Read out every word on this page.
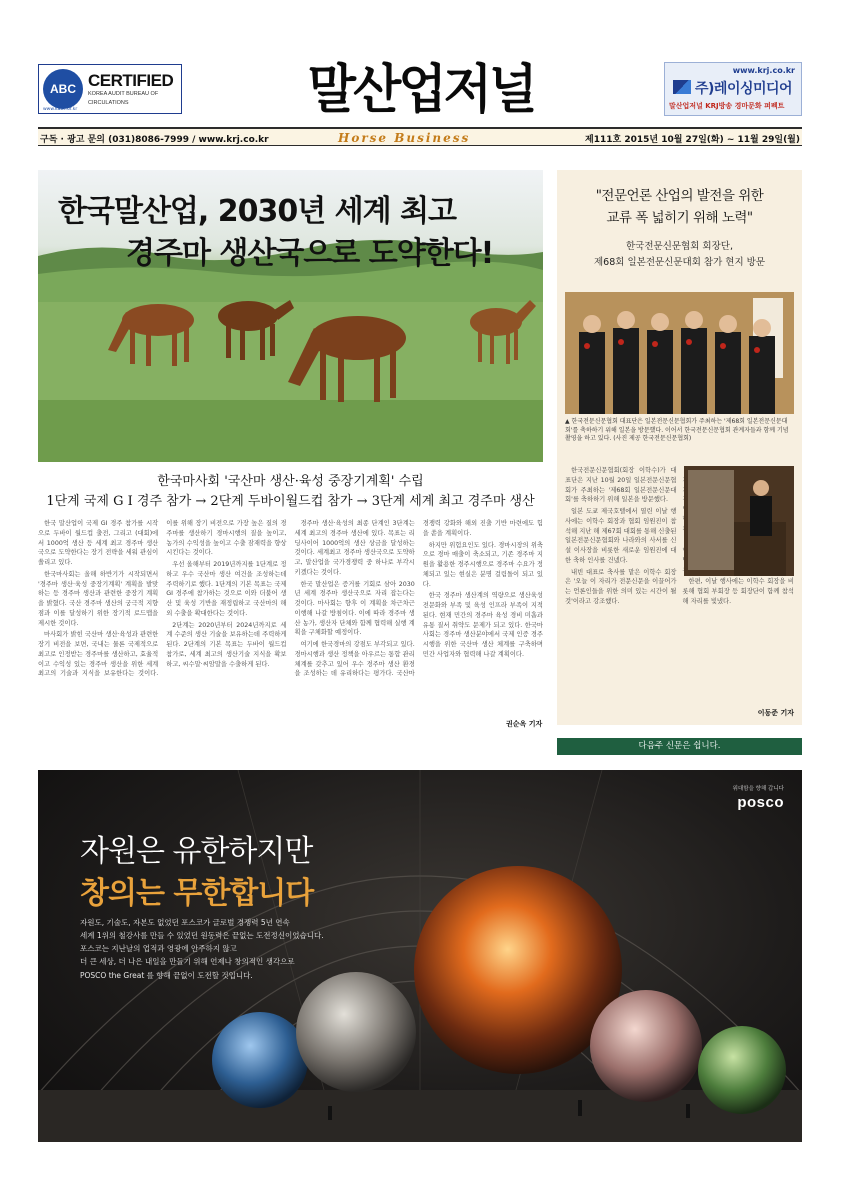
ABC CERTIFIED
KOREA AUDIT BUREAU OF
CIRCULATIONS
www.kabc.or.kr	말산업저널	www.krj.co.kr
주)레이싱미디어
말산업저널 KRJ방송 경마문화 퍼펙트
구독 · 광고 문의 (031)8086-7999 / www.krj.co.kr	Horse Business	제111호 2015년 10월 27일(화) ~ 11월 29일(월)
한국말산업, 2030년 세계 최고
경주마 생산국으로 도약한다!
한국마사회 '국산마 생산·육성 중장기계획' 수립
1단계 국제 G I 경주 참가 → 2단계 두바이월드컵 참가 → 3단계 세계 최고 경주마 생산

한국 말산업이 국제 GI 경주 참가를 시작으로 두바이 월드컵 출전, 그리고 (대회)에서 1000억 생산 등 세계 최고 경주마 생산국으로 도약한다는 장기 전략을 세워 관심이 쏠리고 있다.

한국마사회는 올해 하반기가 시작되면서 '경주마 생산·육성 중장기계획' 계획을 발맞하는 등 경주마 생산과 관련한 중장기 계획을 밝혔다. 국산 경주마 생산의 궁극적 지향점과 이를 달성하기 위한 장기적 로드맵을 제시한 것이다.

마사회가 밝힌 국산마 생산·육성과 관련한 장기 비전을 보면, 국내는 물론 국제적으로 최고로 인정받는 경주마를 생산하고, 효율적이고 수익성 있는 경주마 생산을 위한 세계 최고의 기술과 지식을 보유한다는 것이다. 이를 위해 장기 비전으로 가장 높은 질의 경주마를 생산하기 경마시행의 질을 높이고, 농가의 수익성을 높이고 수출 잠재력을 향상시킨다는 것이다.

우선 올해부터 2019년까지를 1단계로 정하고 우수 국산마 생산 여건을 조성하는데 주력하기로 했다. 1단계의 기본 목표는 국제 GI 경주에 참가하는 것으로 이와 더불어 생산 및 육성 기반을 재정립하고 국산마의 해외 수출을 확대한다는 것이다.

2단계는 2020년부터 2024년까지로 세계 수준의 생산 기술을 보유하는데 주력하게 된다. 2단계의 기본 목표는 두바이 월드컵 참가로, 세계 최고의 생산기술 지식을 확보하고, 씨수말·씨암말을 수출하게 된다.

경주마 생산·육성의 최종 단계인 3단계는 세계 최고의 경주마 생산에 있다. 목표는 리딩사이어 1000억의 생산 상금을 달성하는 것이다. 세계최고 경주마 생산국으로 도약하고, 말산업을 국가경쟁력 중 하나로 부각시키겠다는 것이다.

한국 말산업은 증거를 기회로 삼아 2030년 세계 경주마 생산국으로 자리 잡는다는 것이다. 마사회는 향후 이 계획을 차근차근 이행해 나갈 방침이다. 이에 따라 경주마 생산 농가, 생산자 단체와 함께 협력해 실행 계획을 구체화할 예정이다.

여기에 한국경마의 강점도 부각되고 있다. 경마시행과 생산 정책을 아우르는 통합 관리 체계를 갖추고 있어 우수 경주마 생산 환경을 조성하는 데 유리하다는 평가다. 국산마 경쟁력 강화와 해외 진출 기반 마련에도 힘을 쏟을 계획이다.

하지만 위험요인도 있다. 경마시장의 위축으로 경마 매출이 축소되고, 기존 경주마 지원을 활용한 경주시행으로 경주마 수요가 정체되고 있는 현실은 분명 걸림돌이 되고 있다.

한국 경주마 생산계의 역량으로 생산육성 전문화와 부족 및 육성 인프라 부족이 지적된다. 현재 민간의 경주마 육성 경비 미흡과 유통 질서 취약도 문제가 되고 있다. 한국마사회는 경주마 생산분야에서 국제 인증 경주 시행을 위한 국산마 생산 체계를 구축하며 민간 사업자와 협력해 나갈 계획이다.

권순옥 기자
"전문언론 산업의 발전을 위한
교류 폭 넓히기 위해 노력"
한국전문신문협회 회장단,
제68회 일본전문신문대회 참가 현지 방문
▲ 한국전문신문협회 대표단은 일본전문신문협회가 주최하는 '제68회 일본전문신문대회'를 축하하기 위해 일본을 방문했다. 이어서 한국전문신문협회 관계자들과 함께 기념 촬영을 하고 있다. (사진 제공 한국전문신문협회)

한국전문신문협회(회장 이학수)가 대표단은 지난 10월 20일 일본전문신문협회가 주최하는 '제68회 일본전문신문대회'를 축하하기 위해 일본을 방문했다.

일본 도쿄 제국호텔에서 열린 이날 행사에는 이학수 회장과 협회 임원진이 참석해 지난 해 제67회 대회를 통해 신출된 일본전문신문협회와 나라와의 사서를 신설 이사장을 비롯한 새로운 임원진에 대한 축하 인사를 건넸다.

내빈 대표로 축사를 맡은 이학수 회장은 '오늘 이 자리가 전문신문을 이끌어가는 언론인들을 위한 의미 있는 시간이 될 것'이라고 강조했다.

한편, 이날 행사에는 이학수 회장을 비롯해 협회 부회장 등 회장단이 함께 참석해 자리를 빛냈다.

이동준 기자
다음주 신문은 쉽니다.
위대함을 향해 갑니다
posco
자원은 유한하지만
창의는 무한합니다
자원도, 기술도, 자본도 없었던 포스코가 글로벌 경쟁력 5년 연속
세계 1위의 철강사를 만들 수 있었던 원동력은 끝없는 도전정신이었습니다.
포스코는 지난날의 업적과 영광에 안주하지 않고
더 큰 세상, 더 나은 내일을 만들기 위해 언제나 창의적인 생각으로
POSCO the Great 를 향해 끝없이 도전할 것입니다.
